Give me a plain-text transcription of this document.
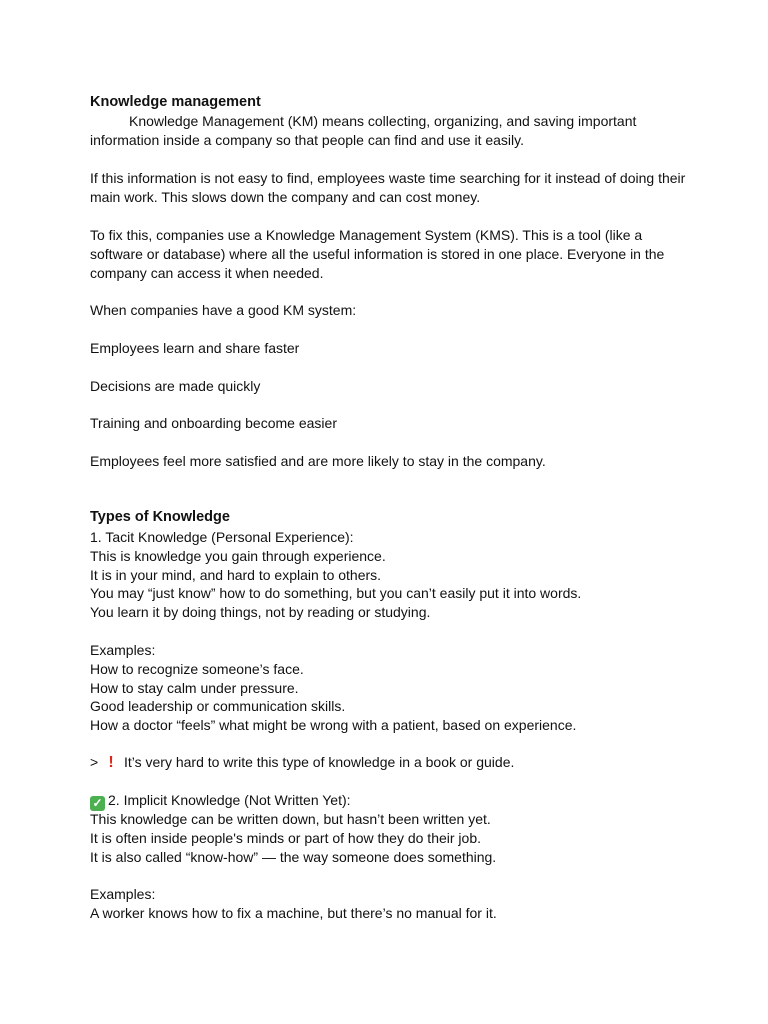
Knowledge management
Knowledge Management (KM) means collecting, organizing, and saving important
information inside a company so that people can find and use it easily.
If this information is not easy to find, employees waste time searching for it instead of doing their
main work. This slows down the company and can cost money.
To fix this, companies use a Knowledge Management System (KMS). This is a tool (like a
software or database) where all the useful information is stored in one place. Everyone in the
company can access it when needed.
When companies have a good KM system:
Employees learn and share faster
Decisions are made quickly
Training and onboarding become easier
Employees feel more satisfied and are more likely to stay in the company.
Types of Knowledge
1. Tacit Knowledge (Personal Experience):
This is knowledge you gain through experience.
It is in your mind, and hard to explain to others.
You may “just know” how to do something, but you can’t easily put it into words.
You learn it by doing things, not by reading or studying.
Examples:
How to recognize someone’s face.
How to stay calm under pressure.
Good leadership or communication skills.
How a doctor “feels” what might be wrong with a patient, based on experience.
> ! It’s very hard to write this type of knowledge in a book or guide.
✓ 2. Implicit Knowledge (Not Written Yet):
This knowledge can be written down, but hasn’t been written yet.
It is often inside people's minds or part of how they do their job.
It is also called “know-how” — the way someone does something.
Examples:
A worker knows how to fix a machine, but there’s no manual for it.
